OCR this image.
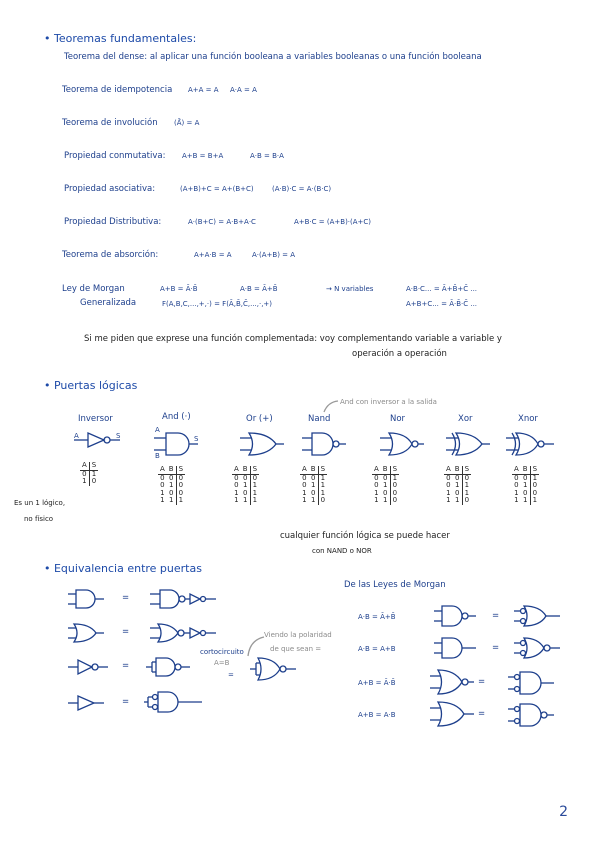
• Teoremas fundamentales:
Teorema del dense: al aplicar una función booleana a variables booleanas o una función booleana
Teorema de idempotencia A+A = A A·A = A
Teorema de involución (Ā̄) = A
Propiedad conmutativa: A+B = B+A	A·B = B·A
Propiedad asociativa:	(A+B)+C = A+(B+C)	(A·B)·C = A·(B·C)
Propiedad Distributiva:	A·(B+C) = A·B+A·C	A+B·C = (A+B)·(A+C)
Teorema de absorción:	A+A·B = A	A·(A+B) = A
Ley de Morgan
Generalizada
A+B = Ā·B̄	A·B = Ā+B̄	→ N variables	A·B·C... = Ā+B̄+C̄ ...
A+B+C... = Ā·B̄·C̄ ...
F(A,B,C,...,+,·) = F(Ā,B̄,C̄,...,·,+)
Si me piden que exprese una función complementada: voy complementando variable a variable y
operación a operación
• Puertas lógicas
And con inversor a la salida
Inversor	And (·)	Or (+)	Nand	Nor	Xor	Xnor
A	S
A
B
S
A	S
0	1
1	0
A	B	S
0	0	0
0	1	0
1	0	0
1	1	1
A	B	S
0	0	0
0	1	1
1	0	1
1	1	1
A	B	S
0	0	1
0	1	1
1	0	1
1	1	0
A	B	S
0	0	1
0	1	0
1	0	0
1	1	0
A	B	S
0	0	0
0	1	1
1	0	1
1	1	0
A	B	S
0	0	1
0	1	0
1	0	0
1	1	1
Es un 1 lógico,
no físico
cualquier función lógica se puede hacer
con NAND o NOR
• Equivalencia entre puertas
De las Leyes de Morgan
=
=
=
cortocircuito
A=B
=
Viendo la polaridad
de que sean =
=
A·B = Ā+B̄	=
A·B = A+B	=
A+B = Ā·B̄	=
A+B = A·B	=
2
